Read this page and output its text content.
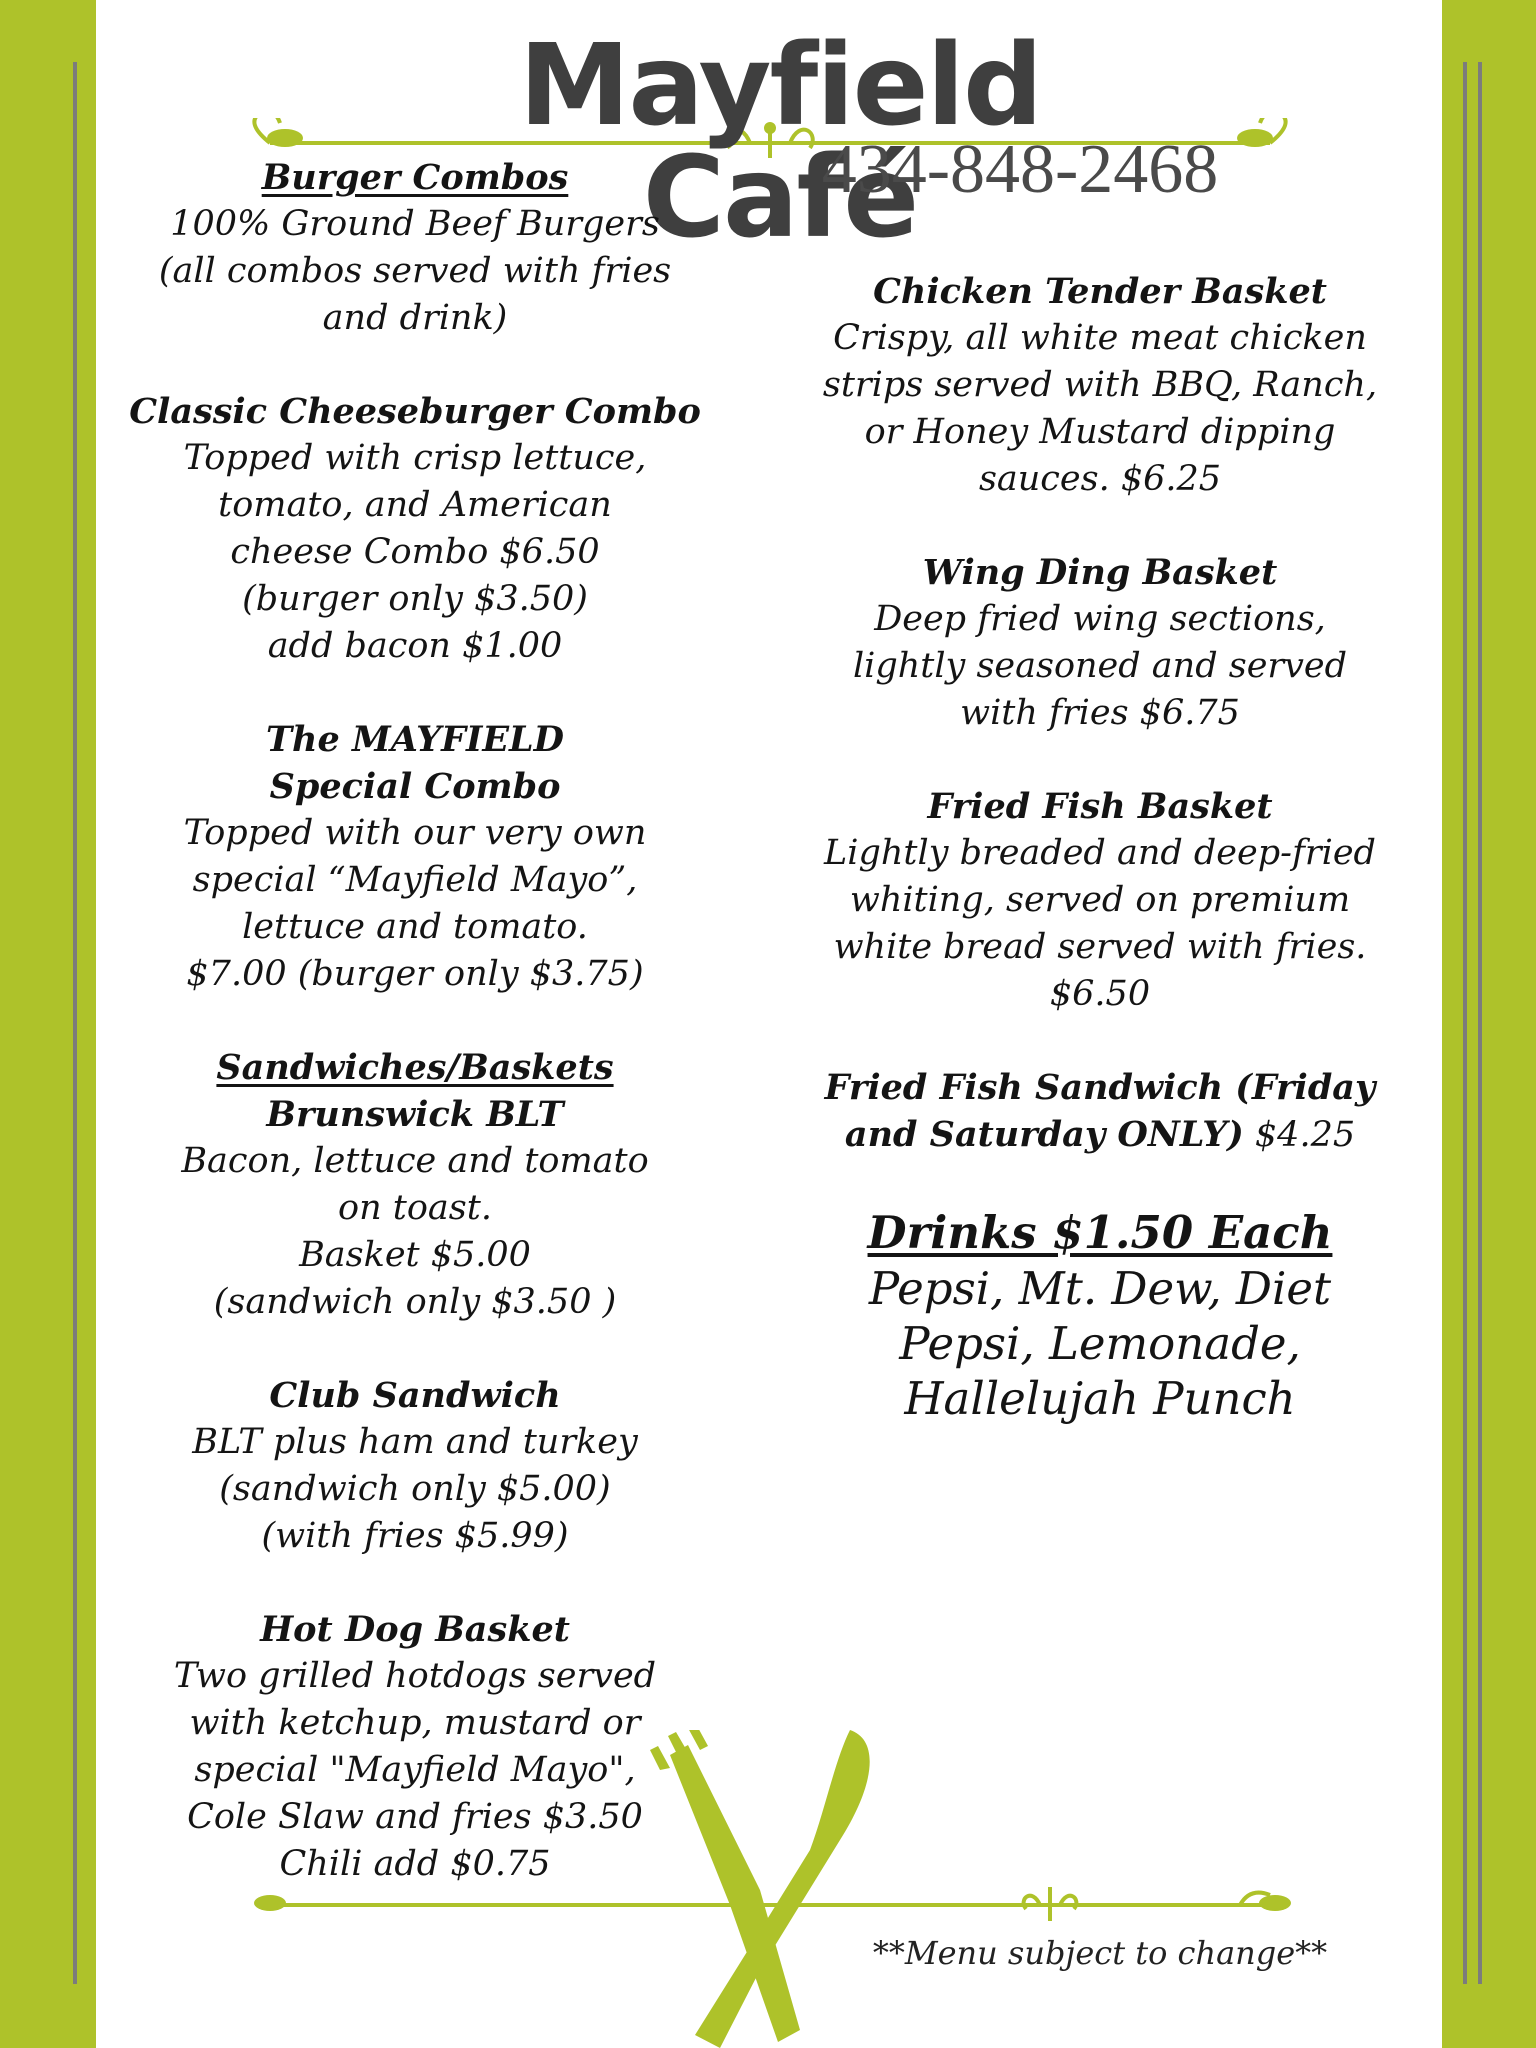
Mayfield Café
434-848-2468
Burger Combos
100% Ground Beef Burgers
(all combos served with fries
and drink)
Classic Cheeseburger Combo
Topped with crisp lettuce,
tomato, and American
cheese Combo $6.50
(burger only $3.50)
add bacon $1.00
The MAYFIELD
Special Combo
Topped with our very own
special “Mayfield Mayo”,
lettuce and tomato.
$7.00 (burger only $3.75)
Sandwiches/Baskets
Brunswick BLT
Bacon, lettuce and tomato
on toast.
Basket $5.00
(sandwich only $3.50 )
Club Sandwich
BLT plus ham and turkey
(sandwich only $5.00)
(with fries $5.99)
Hot Dog Basket
Two grilled hotdogs served
with ketchup, mustard or
special "Mayfield Mayo",
Cole Slaw and fries $3.50
Chili add $0.75
Chicken Tender Basket
Crispy, all white meat chicken
strips served with BBQ, Ranch,
or Honey Mustard dipping
sauces. $6.25
Wing Ding Basket
Deep fried wing sections,
lightly seasoned and served
with fries $6.75
Fried Fish Basket
Lightly breaded and deep-fried
whiting, served on premium
white bread served with fries.
$6.50
Fried Fish Sandwich (Friday
and Saturday ONLY) $4.25
Drinks $1.50 Each
Pepsi, Mt. Dew, Diet
Pepsi, Lemonade,
Hallelujah Punch
**Menu subject to change**
